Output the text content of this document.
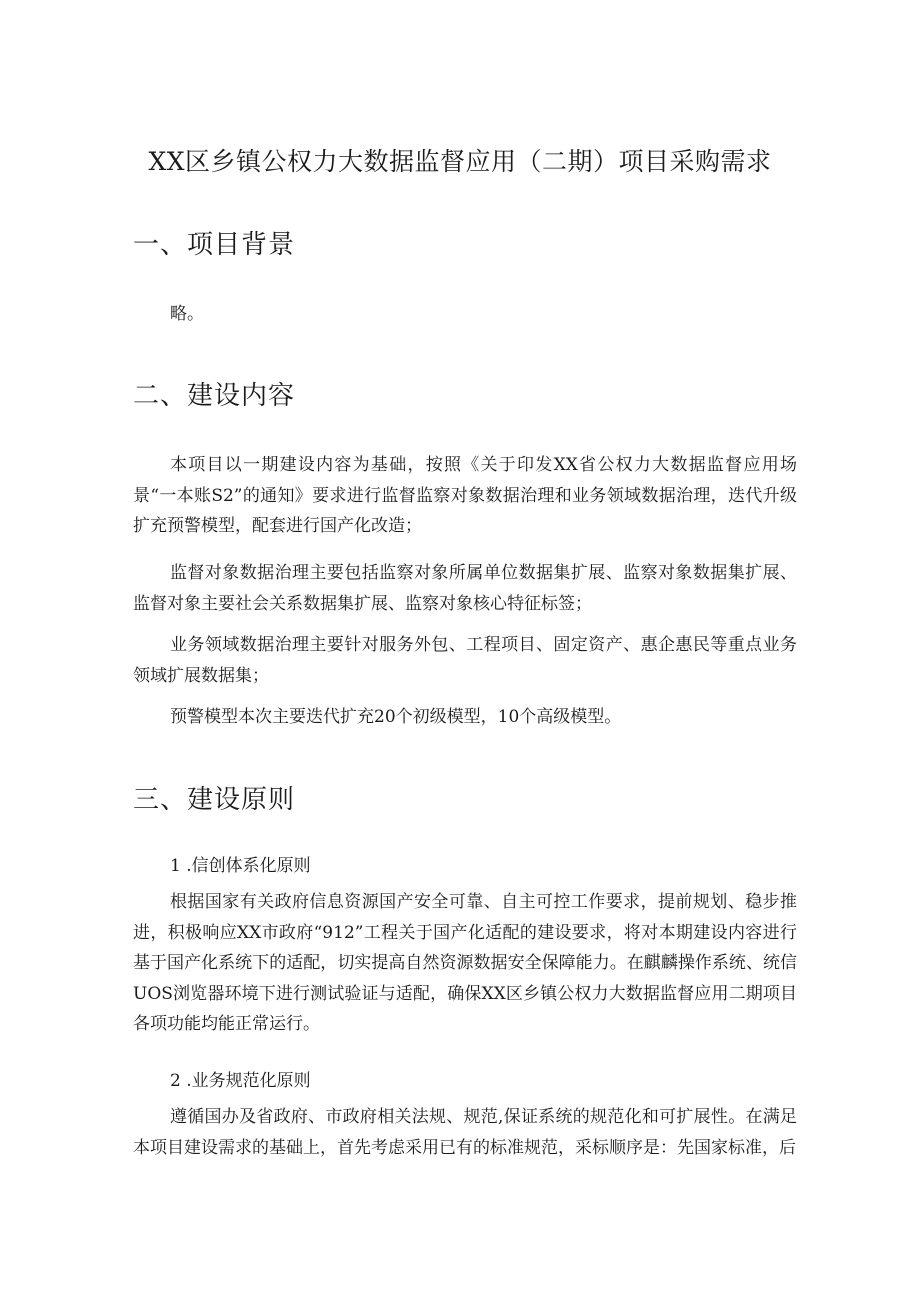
XX区乡镇公权力大数据监督应用（二期）项目采购需求
一、项目背景

略。

二、建设内容

本项目以一期建设内容为基础，按照《关于印发XX省公权力大数据监督应用场景“一本账S2”的通知》要求进行监督监察对象数据治理和业务领域数据治理，迭代升级扩充预警模型，配套进行国产化改造；

监督对象数据治理主要包括监察对象所属单位数据集扩展、监察对象数据集扩展、监督对象主要社会关系数据集扩展、监察对象核心特征标签；

业务领域数据治理主要针对服务外包、工程项目、固定资产、惠企惠民等重点业务领域扩展数据集；

预警模型本次主要迭代扩充20个初级模型，10个高级模型。

三、建设原则
1 .信创体系化原则

根据国家有关政府信息资源国产安全可靠、自主可控工作要求，提前规划、稳步推进，积极响应XX市政府“912”工程关于国产化适配的建设要求，将对本期建设内容进行基于国产化系统下的适配，切实提高自然资源数据安全保障能力。在麒麟操作系统、统信UOS浏览器环境下进行测试验证与适配，确保XX区乡镇公权力大数据监督应用二期项目各项功能均能正常运行。

2 .业务规范化原则

遵循国办及省政府、市政府相关法规、规范,保证系统的规范化和可扩展性。在满足本项目建设需求的基础上，首先考虑采用已有的标准规范，采标顺序是：先国家标准，后
